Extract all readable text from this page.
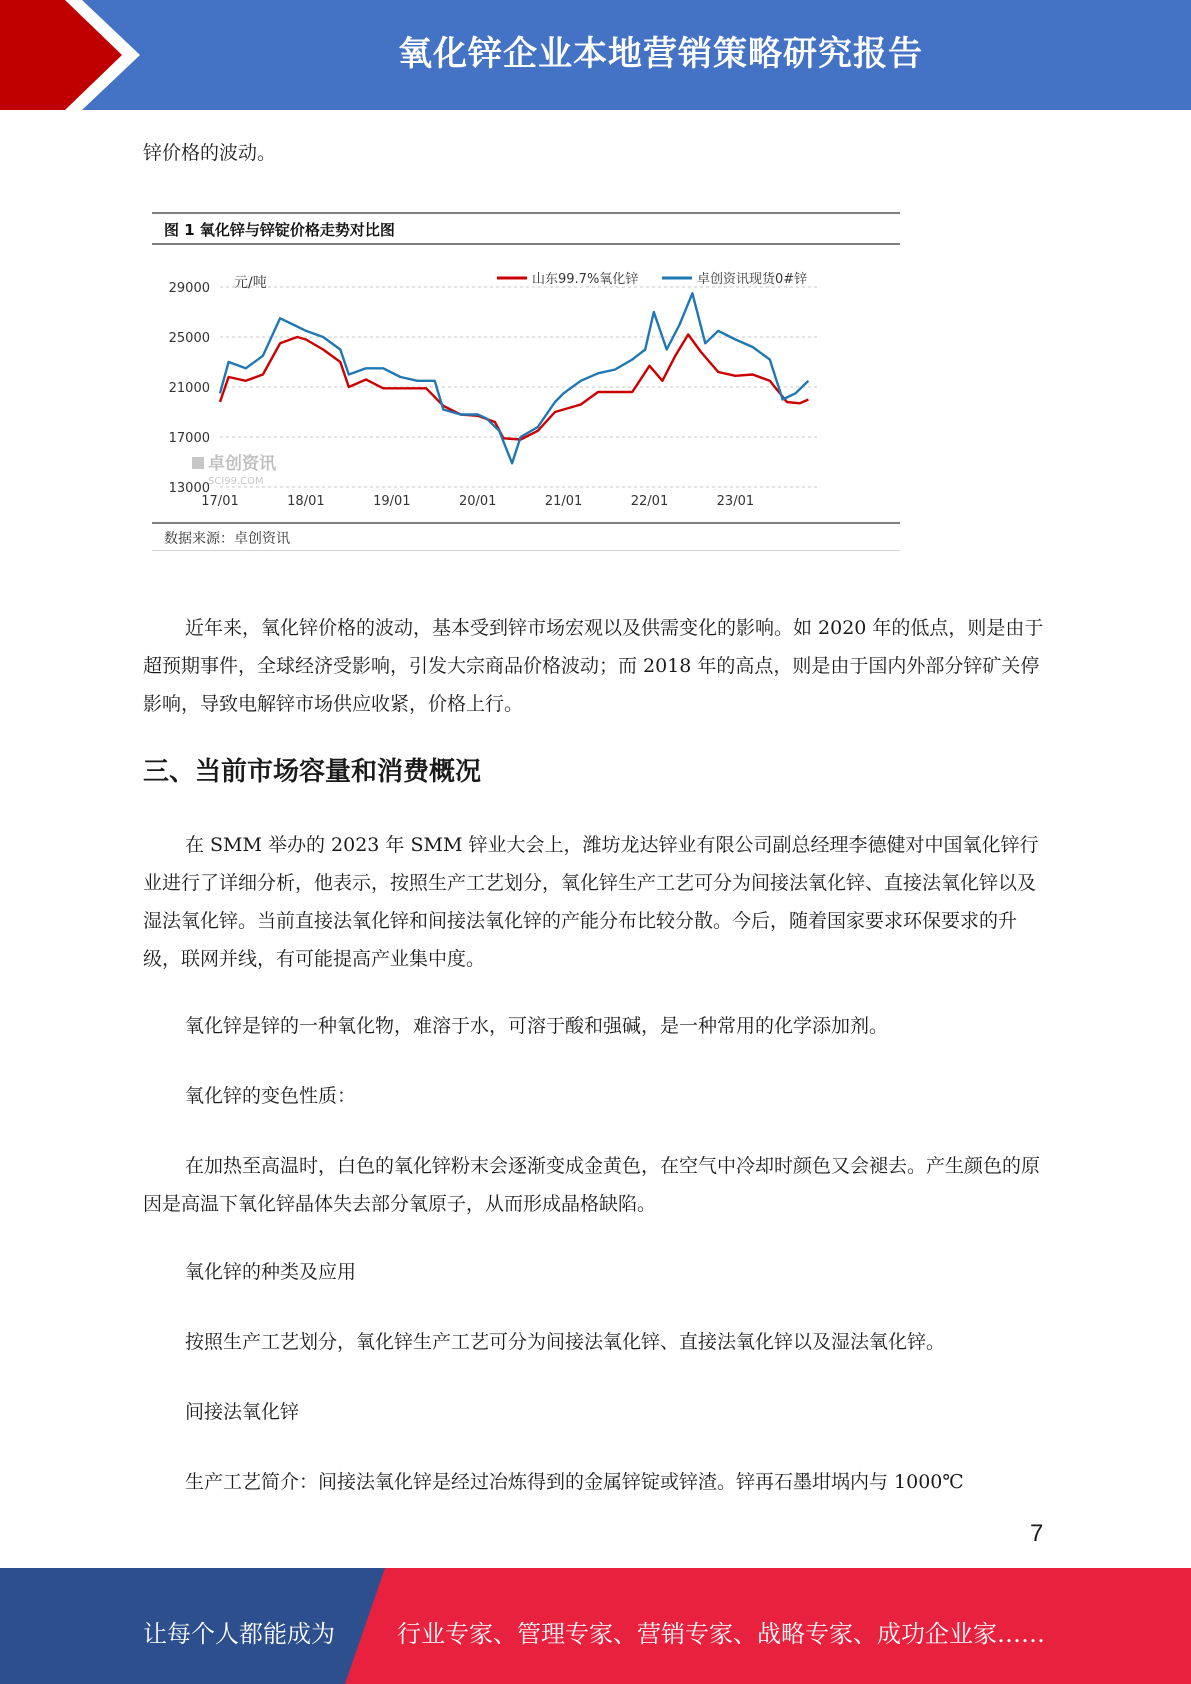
氧化锌企业本地营销策略研究报告

锌价格的波动。

图 1 氧化锌与锌锭价格走势对比图
29000
25000
21000
17000
13000
17/01	18/01	19/01	20/01	21/01	22/01	23/01
元/吨
卓创资讯
SCI99.COM
山东99.7%氧化锌	卓创资讯现货0#锌
数据来源：卓创资讯

近年来，氧化锌价格的波动，基本受到锌市场宏观以及供需变化的影响。如 2020 年的低点，则是由于超预期事件，全球经济受影响，引发大宗商品价格波动；而 2018 年的高点，则是由于国内外部分锌矿关停影响，导致电解锌市场供应收紧，价格上行。

三、当前市场容量和消费概况

在 SMM 举办的 2023 年 SMM 锌业大会上，潍坊龙达锌业有限公司副总经理李德健对中国氧化锌行业进行了详细分析，他表示，按照生产工艺划分，氧化锌生产工艺可分为间接法氧化锌、直接法氧化锌以及湿法氧化锌。当前直接法氧化锌和间接法氧化锌的产能分布比较分散。今后，随着国家要求环保要求的升级，联网并线，有可能提高产业集中度。

氧化锌是锌的一种氧化物，难溶于水，可溶于酸和强碱，是一种常用的化学添加剂。

氧化锌的变色性质：

在加热至高温时，白色的氧化锌粉末会逐渐变成金黄色，在空气中冷却时颜色又会褪去。产生颜色的原因是高温下氧化锌晶体失去部分氧原子，从而形成晶格缺陷。

氧化锌的种类及应用

按照生产工艺划分，氧化锌生产工艺可分为间接法氧化锌、直接法氧化锌以及湿法氧化锌。

间接法氧化锌

生产工艺简介：间接法氧化锌是经过冶炼得到的金属锌锭或锌渣。锌再石墨坩埚内与 1000℃

7
让每个人都能成为	行业专家、管理专家、营销专家、战略专家、成功企业家……
